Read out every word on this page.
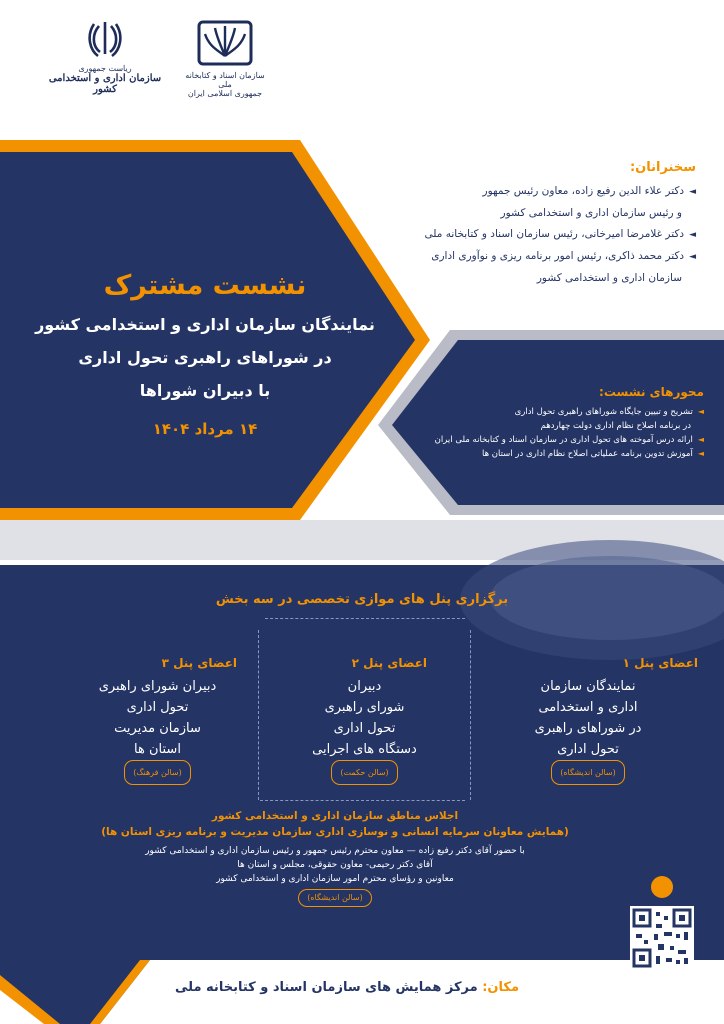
سازمان اسناد و کتابخانه ملی
جمهوری اسلامی ایران
ریاست جمهوری
سازمان اداری و استخدامی کشور
سخنرانان:
◄
دکتر علاء الدین رفیع زاده، معاون رئیس جمهور
و رئیس سازمان اداری و استخدامی کشور
◄
دکتر غلامرضا امیرخانی، رئیس سازمان اسناد و کتابخانه ملی
◄
دکتر محمد ذاکری، رئیس امور برنامه ریزی و نوآوری اداری
سازمان اداری و استخدامی کشور
نشست مشترک
نمایندگان سازمان اداری و استخدامی کشور
در شوراهای راهبری تحول اداری
با دبیران شوراها
۱۴ مرداد ۱۴۰۴
محورهای نشست:
◄
تشریح و تبیین جایگاه شوراهای راهبری تحول اداری
در برنامه اصلاح نظام اداری دولت چهاردهم
◄
ارائه درس آموخته های تحول اداری در سازمان اسناد و کتابخانه ملی ایران
◄
آموزش تدوین برنامه عملیاتی اصلاح نظام اداری در استان ها
برگزاری پنل های موازی تخصصی در سه بخش
اعضای پنل ۱
نمایندگان سازمان
اداری و استخدامی
در شوراهای راهبری
تحول اداری
(سالن اندیشگاه)
اعضای پنل ۲
دبیران
شورای راهبری
تحول اداری
دستگاه های اجرایی
(سالن حکمت)
اعضای پنل ۳
دبیران شورای راهبری
تحول اداری
سازمان مدیریت
استان ها
(سالن فرهنگ)
اجلاس مناطق سازمان اداری و استخدامی کشور
(همایش معاونان سرمایه انسانی و نوسازی اداری سازمان مدیریت و برنامه ریزی استان ها)
با حضور آقای دکتر رفیع زاده — معاون محترم رئیس جمهور و رئیس سازمان اداری و استخدامی کشور
آقای دکتر رحیمی- معاون حقوقی، مجلس و استان ها
معاونین و رؤسای محترم امور سازمان اداری و استخدامی کشور
(سالن اندیشگاه)
مکان: مرکز همایش های سازمان اسناد و کتابخانه ملی
